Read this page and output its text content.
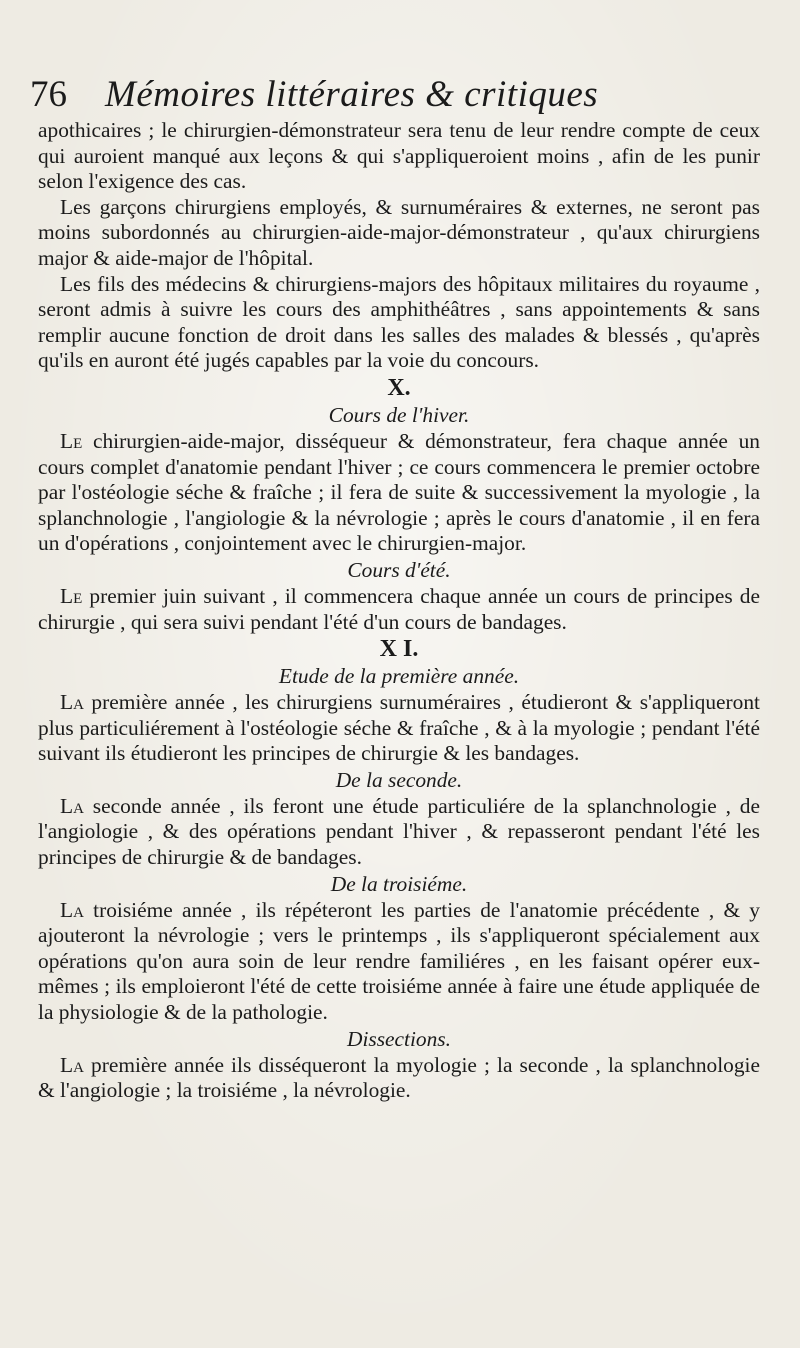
76 Mémoires littéraires & critiques

apothicaires ; le chirurgien-démonstrateur sera tenu de leur rendre compte de ceux qui auroient manqué aux leçons & qui s'appliqueroient moins , afin de les punir selon l'exigence des cas.

Les garçons chirurgiens employés, & surnuméraires & externes, ne seront pas moins subordonnés au chirurgien-aide-major-démonstrateur , qu'aux chirurgiens major & aide-major de l'hôpital.

Les fils des médecins & chirurgiens-majors des hôpitaux militaires du royaume , seront admis à suivre les cours des amphithéâtres , sans appointements & sans remplir aucune fonction de droit dans les salles des malades & blessés , qu'après qu'ils en auront été jugés capables par la voie du concours.

X.

Cours de l'hiver.

Le chirurgien-aide-major, disséqueur & démonstrateur, fera chaque année un cours complet d'anatomie pendant l'hiver ; ce cours commencera le premier octobre par l'ostéologie séche & fraîche ; il fera de suite & successivement la myologie , la splanchnologie , l'angiologie & la névrologie ; après le cours d'anatomie , il en fera un d'opérations , conjointement avec le chirurgien-major.

Cours d'été.

Le premier juin suivant , il commencera chaque année un cours de principes de chirurgie , qui sera suivi pendant l'été d'un cours de bandages.

X I.

Etude de la première année.

La première année , les chirurgiens surnuméraires , étudieront & s'appliqueront plus particuliérement à l'ostéologie séche & fraîche , & à la myologie ; pendant l'été suivant ils étudieront les principes de chirurgie & les bandages.

De la seconde.

La seconde année , ils feront une étude particuliére de la splanchnologie , de l'angiologie , & des opérations pendant l'hiver , & repasseront pendant l'été les principes de chirurgie & de bandages.

De la troisiéme.

La troisiéme année , ils répéteront les parties de l'anatomie précédente , & y ajouteront la névrologie ; vers le printemps , ils s'appliqueront spécialement aux opérations qu'on aura soin de leur rendre familiéres , en les faisant opérer eux-mêmes ; ils emploieront l'été de cette troisiéme année à faire une étude appliquée de la physiologie & de la pathologie.

Dissections.

La première année ils disséqueront la myologie ; la seconde , la splanchnologie & l'angiologie ; la troisiéme , la névrologie.
